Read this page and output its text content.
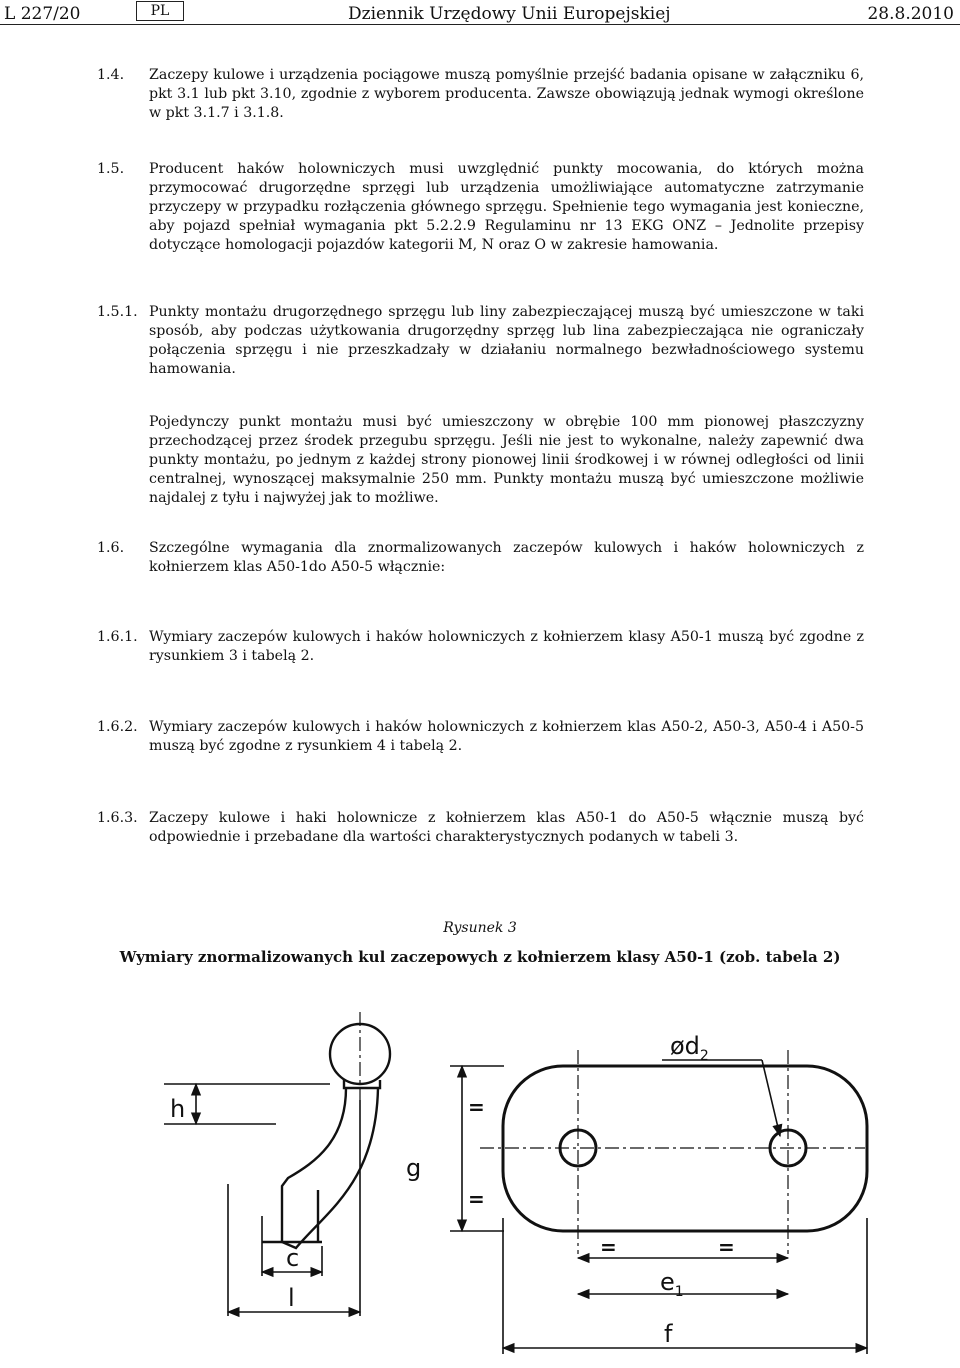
L 227/20	PL	Dziennik Urzędowy Unii Europejskiej	28.8.2010
1.4. Zaczepy kulowe i urządzenia pociągowe muszą pomyślnie przejść badania opisane w załączniku 6, pkt 3.1 lub pkt 3.10, zgodnie z wyborem producenta. Zawsze obowiązują jednak wymogi określone w pkt 3.1.7 i 3.1.8.
1.5. Producent haków holowniczych musi uwzględnić punkty mocowania, do których można przymocować drugorzędne sprzęgi lub urządzenia umożliwiające automatyczne zatrzymanie przyczepy w przypadku rozłączenia głównego sprzęgu. Spełnienie tego wymagania jest konieczne, aby pojazd spełniał wymagania pkt 5.2.2.9 Regulaminu nr 13 EKG ONZ – Jednolite przepisy dotyczące homologacji pojazdów kategorii M, N oraz O w zakresie hamowania.
1.5.1. Punkty montażu drugorzędnego sprzęgu lub liny zabezpieczającej muszą być umieszczone w taki sposób, aby podczas użytkowania drugorzędny sprzęg lub lina zabezpieczająca nie ograniczały połączenia sprzęgu i nie przeszkadzały w działaniu normalnego bezwładnościowego systemu hamowania.
Pojedynczy punkt montażu musi być umieszczony w obrębie 100 mm pionowej płaszczyzny przechodzącej przez środek przegubu sprzęgu. Jeśli nie jest to wykonalne, należy zapewnić dwa punkty montażu, po jednym z każdej strony pionowej linii środkowej i w równej odległości od linii centralnej, wynoszącej maksymalnie 250 mm. Punkty montażu muszą być umieszczone możliwie najdalej z tyłu i najwyżej jak to możliwe.
1.6. Szczególne wymagania dla znormalizowanych zaczepów kulowych i haków holowniczych z kołnierzem klas A50-1do A50-5 włącznie:
1.6.1. Wymiary zaczepów kulowych i haków holowniczych z kołnierzem klasy A50-1 muszą być zgodne z rysunkiem 3 i tabelą 2.
1.6.2. Wymiary zaczepów kulowych i haków holowniczych z kołnierzem klas A50-2, A50-3, A50-4 i A50-5 muszą być zgodne z rysunkiem 4 i tabelą 2.
1.6.3. Zaczepy kulowe i haki holownicze z kołnierzem klas A50-1 do A50-5 włącznie muszą być odpowiednie i przebadane dla wartości charakterystycznych podanych w tabeli 3.
Rysunek 3
Wymiary znormalizowanych kul zaczepowych z kołnierzem klasy A50-1 (zob. tabela 2)
h
g
c
l
$ød_2$
$e_1$
f
=
=
=	=
